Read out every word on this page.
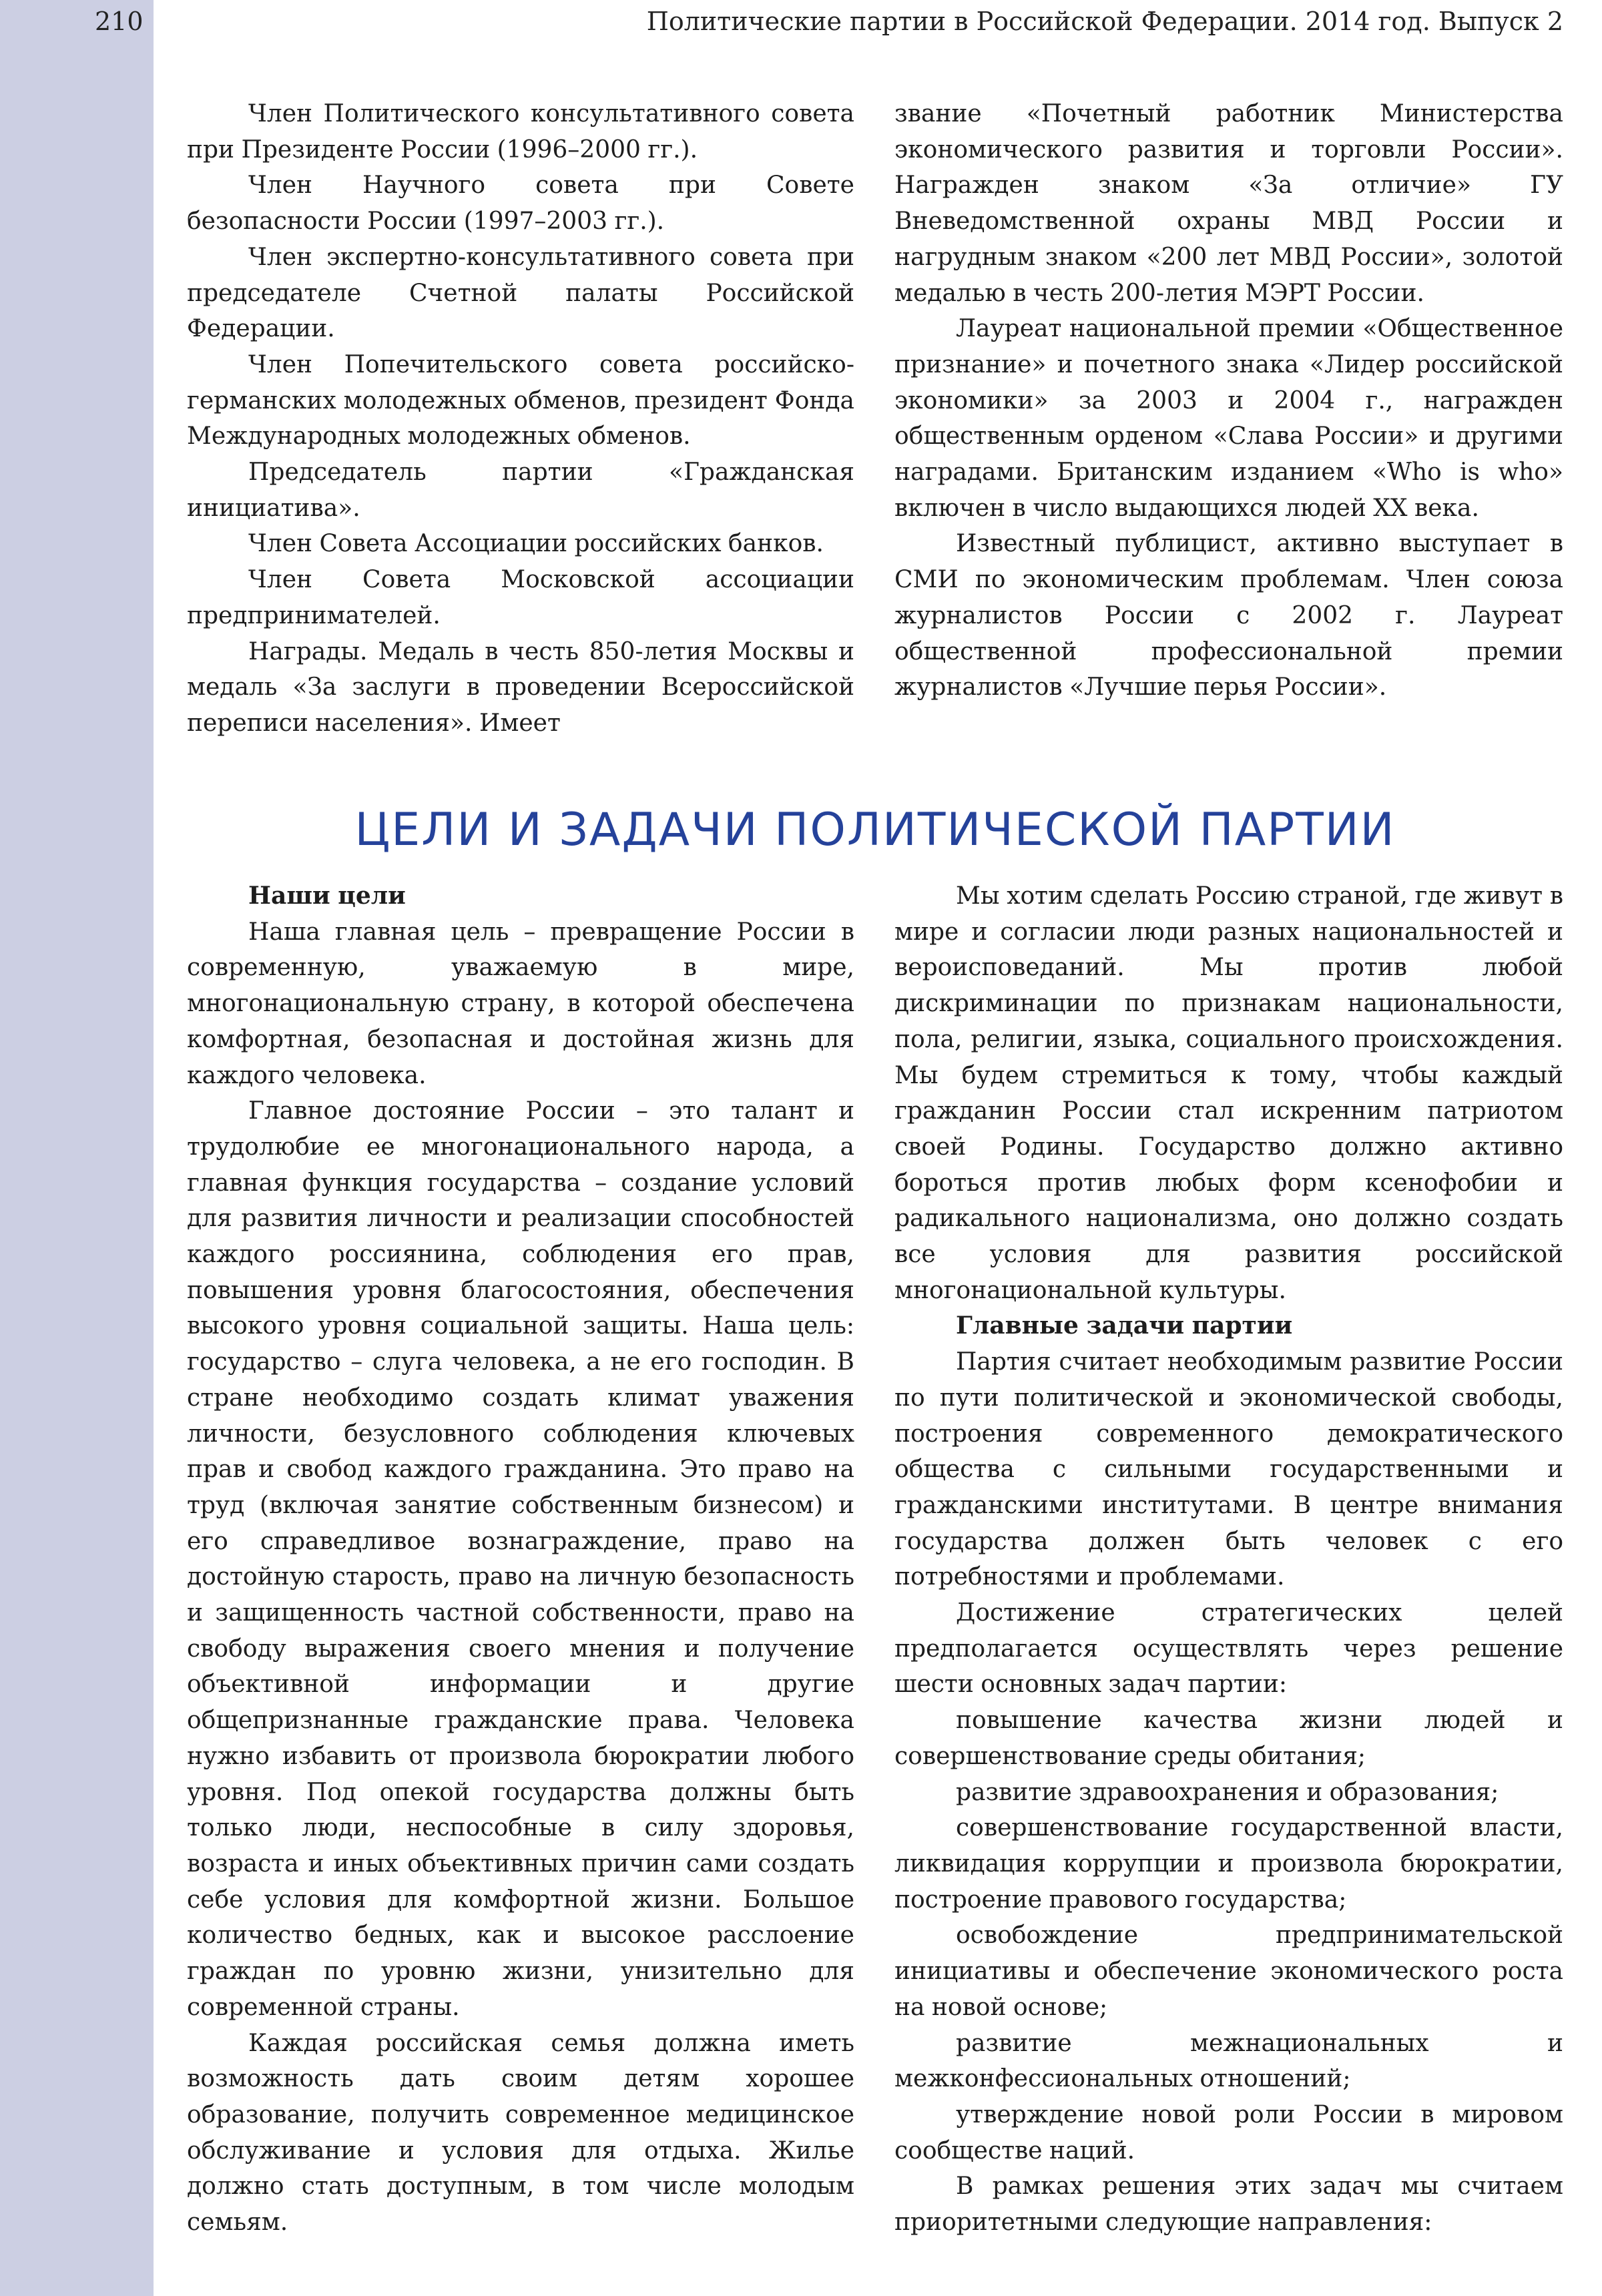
210	Политические партии в Российской Федерации. 2014 год. Выпуск 2

Член Политического консультативного совета при Президенте России (1996–2000 гг.).

Член Научного совета при Совете безопасности России (1997–2003 гг.).

Член экспертно-консультативного совета при председателе Счетной палаты Российской Федерации.

Член Попечительского совета российско-германских молодежных обменов, президент Фонда Международных молодежных обменов.

Председатель партии «Гражданская инициатива».

Член Совета Ассоциации российских банков.

Член Совета Московской ассоциации предпринимателей.

Награды. Медаль в честь 850-летия Москвы и медаль «За заслуги в проведении Всероссийской переписи населения». Имеет

звание «Почетный работник Министерства экономического развития и торговли России». Награжден знаком «За отличие» ГУ Вневедомственной охраны МВД России и нагрудным знаком «200 лет МВД России», золотой медалью в честь 200-летия МЭРТ России.

Лауреат национальной премии «Общественное признание» и почетного знака «Лидер российской экономики» за 2003 и 2004 г., награжден общественным орденом «Слава России» и другими наградами. Британским изданием «Who is who» включен в число выдающихся людей XX века.

Известный публицист, активно выступает в СМИ по экономическим проблемам. Член союза журналистов России с 2002 г. Лауреат общественной профессиональной премии журналистов «Лучшие перья России».

ЦЕЛИ И ЗАДАЧИ ПОЛИТИЧЕСКОЙ ПАРТИИ
Наши цели

Наша главная цель – превращение России в современную, уважаемую в мире, многонациональную страну, в которой обеспечена комфортная, безопасная и достойная жизнь для каждого человека.

Главное достояние России – это талант и трудолюбие ее многонационального народа, а главная функция государства – создание условий для развития личности и реализации способностей каждого россиянина, соблюдения его прав, повышения уровня благосостояния, обеспечения высокого уровня социальной защиты. Наша цель: государство – слуга человека, а не его господин. В стране необходимо создать климат уважения личности, безусловного соблюдения ключевых прав и свобод каждого гражданина. Это право на труд (включая занятие собственным бизнесом) и его справедливое вознаграждение, право на достойную старость, право на личную безопасность и защищенность частной собственности, право на свободу выражения своего мнения и получение объективной информации и другие общепризнанные гражданские права. Человека нужно избавить от произвола бюрократии любого уровня. Под опекой государства должны быть только люди, неспособные в силу здоровья, возраста и иных объективных причин сами создать себе условия для комфортной жизни. Большое количество бедных, как и высокое расслоение граждан по уровню жизни, унизительно для современной страны.

Каждая российская семья должна иметь возможность дать своим детям хорошее образование, получить современное медицинское обслуживание и условия для отдыха. Жилье должно стать доступным, в том числе молодым семьям.

Мы хотим сделать Россию страной, где живут в мире и согласии люди разных национальностей и вероисповеданий. Мы против любой дискриминации по признакам национальности, пола, религии, языка, социального происхождения. Мы будем стремиться к тому, чтобы каждый гражданин России стал искренним патриотом своей Родины. Государство должно активно бороться против любых форм ксенофобии и радикального национализма, оно должно создать все условия для развития российской многонациональной культуры.

Главные задачи партии

Партия считает необходимым развитие России по пути политической и экономической свободы, построения современного демократического общества с сильными государственными и гражданскими институтами. В центре внимания государства должен быть человек с его потребностями и проблемами.

Достижение стратегических целей предполагается осуществлять через решение шести основных задач партии:

повышение качества жизни людей и совершенствование среды обитания;

развитие здравоохранения и образования;

совершенствование государственной власти, ликвидация коррупции и произвола бюрократии, построение правового государства;

освобождение предпринимательской инициативы и обеспечение экономического роста на новой основе;

развитие межнациональных и межконфессиональных отношений;

утверждение новой роли России в мировом сообществе наций.

В рамках решения этих задач мы считаем приоритетными следующие направления:
